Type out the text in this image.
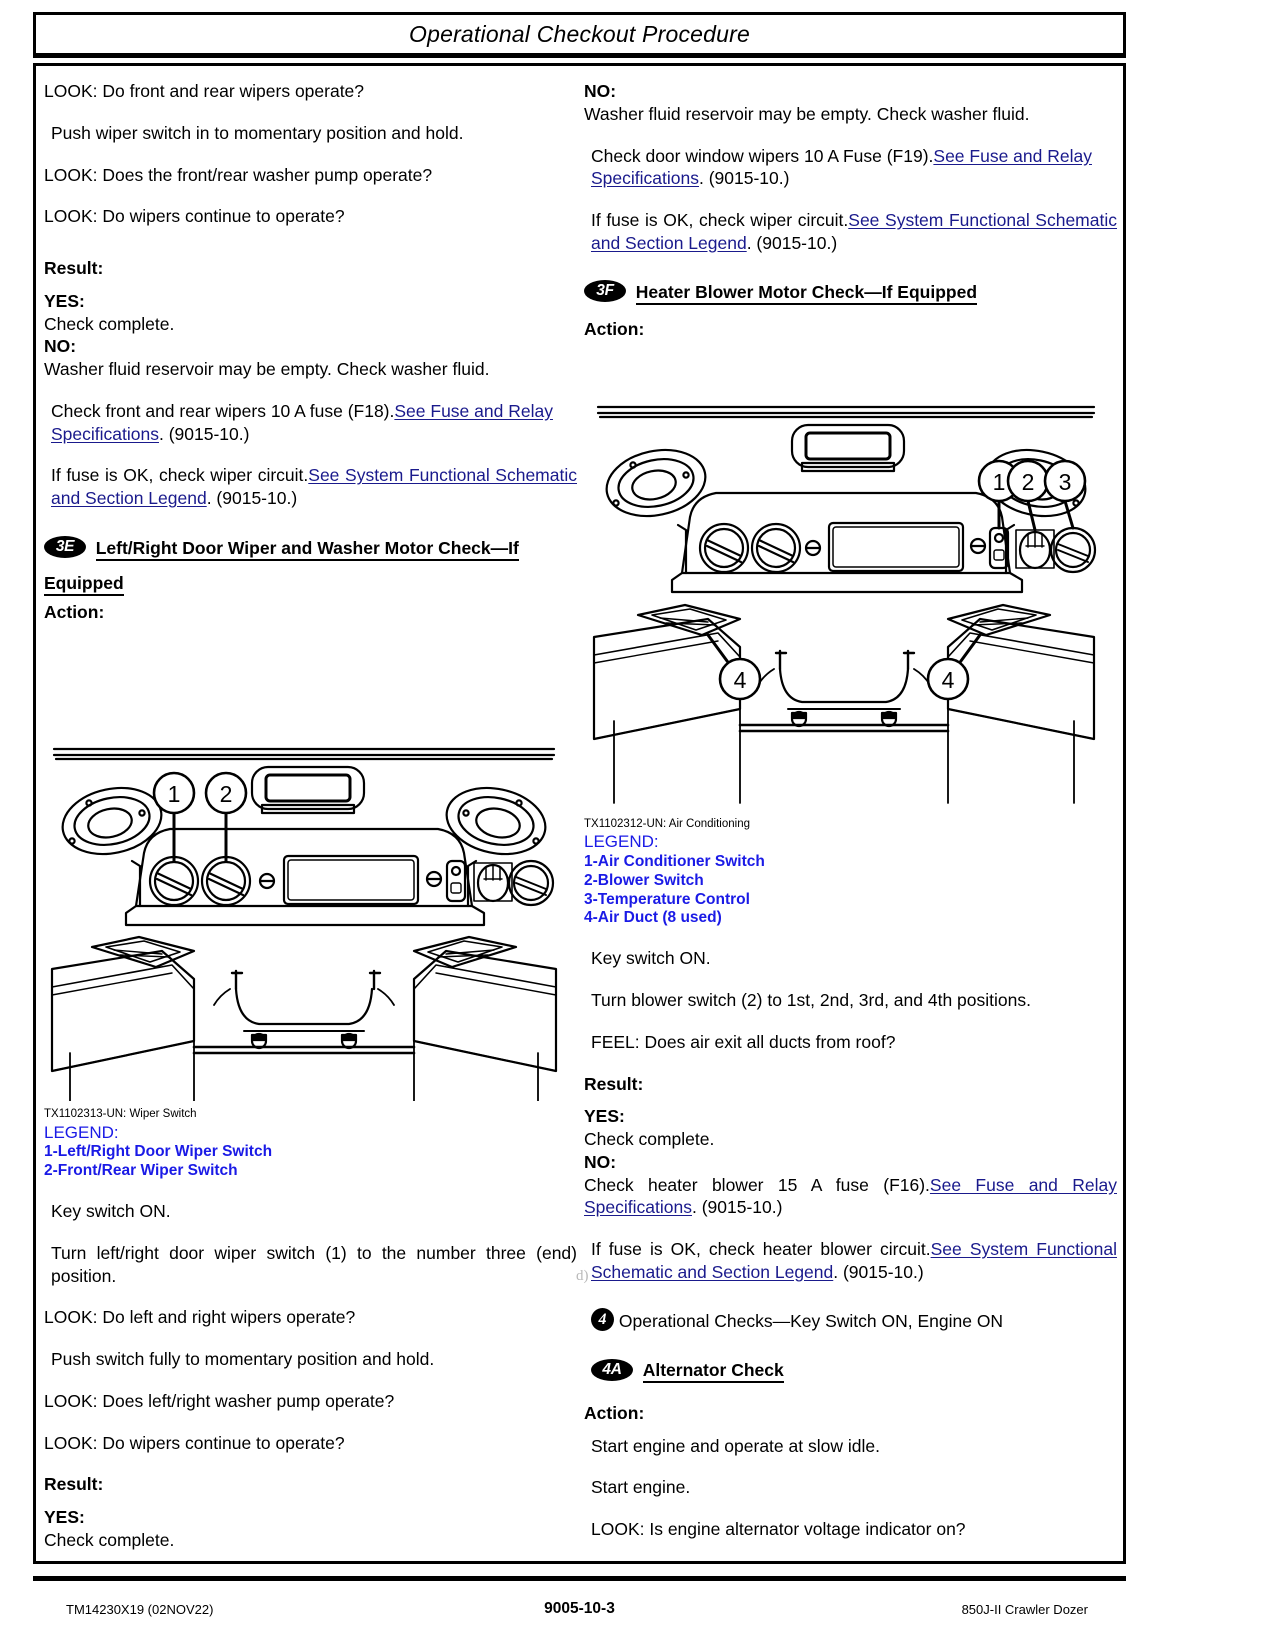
Operational Checkout Procedure

LOOK: Do front and rear wipers operate?

Push wiper switch in to momentary position and hold.

LOOK: Does the front/rear washer pump operate?

LOOK: Do wipers continue to operate?

Result:

YES:

Check complete.

NO:

Washer fluid reservoir may be empty. Check washer fluid.

Check front and rear wipers 10 A fuse (F18).See Fuse and Relay Specifications. (9015-10.)

If fuse is OK, check wiper circuit.See System Functional Schematic and Section Legend. (9015-10.)

3E Left/Right Door Wiper and Washer Motor Check—If

Equipped

Action:

1 2

TX1102313-UN: Wiper Switch

LEGEND:

1-Left/Right Door Wiper Switch

2-Front/Rear Wiper Switch

Key switch ON.

Turn left/right door wiper switch (1) to the number three (end) position.

LOOK: Do left and right wipers operate?

Push switch fully to momentary position and hold.

LOOK: Does left/right washer pump operate?

LOOK: Do wipers continue to operate?

Result:

YES:

Check complete.

NO:

Washer fluid reservoir may be empty. Check washer fluid.

Check door window wipers 10 A Fuse (F19).See Fuse and Relay Specifications. (9015-10.)

If fuse is OK, check wiper circuit.See System Functional Schematic and Section Legend. (9015-10.)

3F Heater Blower Motor Check—If Equipped

Action:

1 2 3
4	4

TX1102312-UN: Air Conditioning

LEGEND:

1-Air Conditioner Switch

2-Blower Switch

3-Temperature Control

4-Air Duct (8 used)

Key switch ON.

Turn blower switch (2) to 1st, 2nd, 3rd, and 4th positions.

FEEL: Does air exit all ducts from roof?

Result:

YES:

Check complete.

NO:

Check heater blower 15 A fuse (F16).See Fuse and Relay Specifications. (9015-10.)

If fuse is OK, check heater blower circuit.See System Functional Schematic and Section Legend. (9015-10.)

4 Operational Checks—Key Switch ON, Engine ON

4A Alternator Check

Action:

Start engine and operate at slow idle.

Start engine.

LOOK: Is engine alternator voltage indicator on?

d)
TM14230X19 (02NOV22)	9005-10-3	850J-II Crawler Dozer
